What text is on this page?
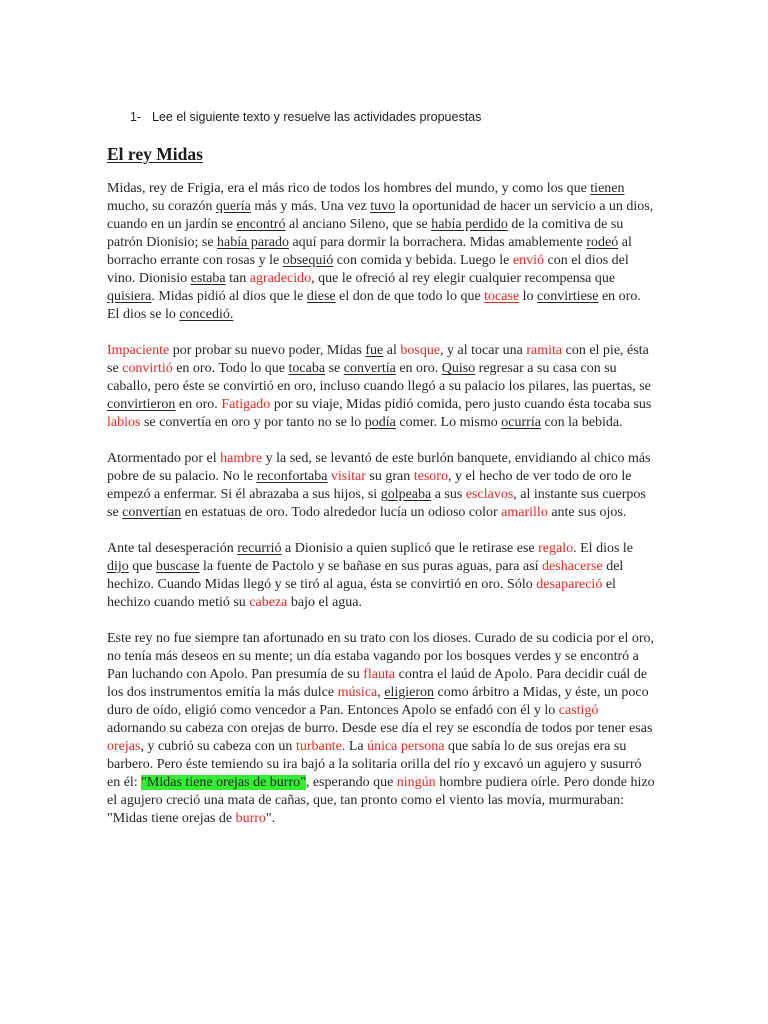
1- Lee el siguiente texto y resuelve las actividades propuestas
El rey Midas

Midas, rey de Frigia, era el más rico de todos los hombres del mundo, y como los que tienen mucho, su corazón quería más y más. Una vez tuvo la oportunidad de hacer un servicio a un dios, cuando en un jardín se encontró al anciano Sileno, que se había perdido de la comitiva de su patrón Dionisio; se había parado aquí para dormir la borrachera. Midas amablemente rodeó al borracho errante con rosas y le obsequió con comida y bebida. Luego le envió con el dios del vino. Dionisio estaba tan agradecido, que le ofreció al rey elegir cualquier recompensa que quisiera. Midas pidió al dios que le diese el don de que todo lo que tocase lo convirtiese en oro. El dios se lo concedió.

Impaciente por probar su nuevo poder, Midas fue al bosque, y al tocar una ramita con el pie, ésta se convirtió en oro. Todo lo que tocaba se convertía en oro. Quiso regresar a su casa con su caballo, pero éste se convirtió en oro, incluso cuando llegó a su palacio los pilares, las puertas, se convirtieron en oro. Fatigado por su viaje, Midas pidió comida, pero justo cuando ésta tocaba sus labios se convertía en oro y por tanto no se lo podía comer. Lo mismo ocurría con la bebida.

Atormentado por el hambre y la sed, se levantó de este burlón banquete, envidiando al chico más pobre de su palacio. No le reconfortaba visitar su gran tesoro, y el hecho de ver todo de oro le empezó a enfermar. Si él abrazaba a sus hijos, si golpeaba a sus esclavos, al instante sus cuerpos se convertían en estatuas de oro. Todo alrededor lucía un odioso color amarillo ante sus ojos.

Ante tal desesperación recurrió a Dionisio a quien suplicó que le retirase ese regalo. El dios le dijo que buscase la fuente de Pactolo y se bañase en sus puras aguas, para así deshacerse del hechizo. Cuando Midas llegó y se tiró al agua, ésta se convirtió en oro. Sólo desapareció el hechizo cuando metió su cabeza bajo el agua.

Este rey no fue siempre tan afortunado en su trato con los dioses. Curado de su codicia por el oro, no tenía más deseos en su mente; un día estaba vagando por los bosques verdes y se encontró a Pan luchando con Apolo. Pan presumía de su flauta contra el laúd de Apolo. Para decidir cuál de los dos instrumentos emitía la más dulce música, eligieron como árbitro a Midas, y éste, un poco duro de oído, eligió como vencedor a Pan. Entonces Apolo se enfadó con él y lo castigó adornando su cabeza con orejas de burro. Desde ese día el rey se escondía de todos por tener esas orejas, y cubrió su cabeza con un turbante. La única persona que sabía lo de sus orejas era su barbero. Pero éste temiendo su ira bajó a la solitaria orilla del río y excavó un agujero y susurró en él: "Midas tiene orejas de burro", esperando que ningún hombre pudiera oírle. Pero donde hizo el agujero creció una mata de cañas, que, tan pronto como el viento las movía, murmuraban: "Midas tiene orejas de burro".
